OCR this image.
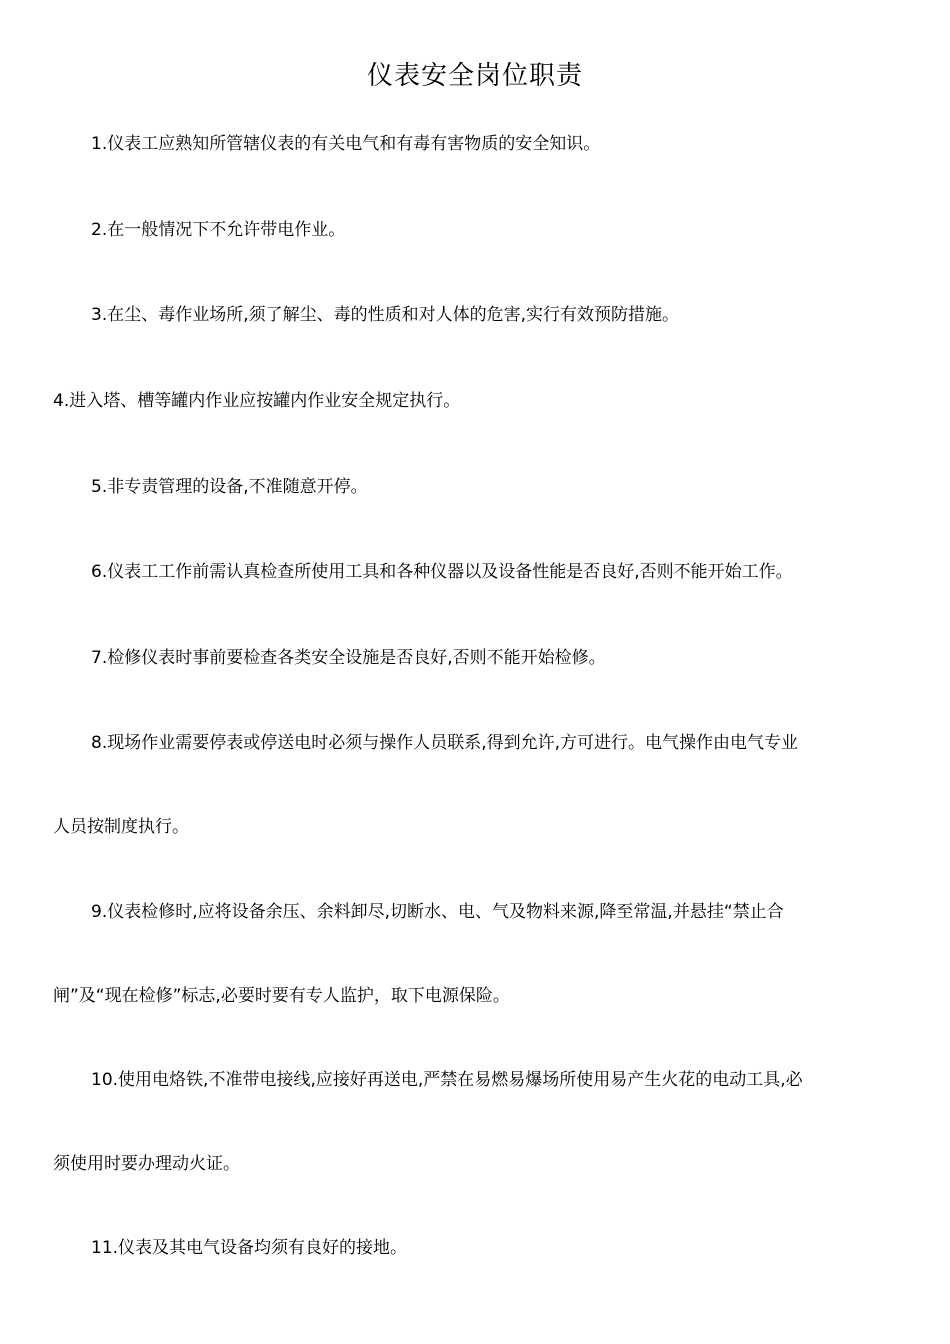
仪表安全岗位职责

1.仪表工应熟知所管辖仪表的有关电气和有毒有害物质的安全知识。

2.在一般情况下不允许带电作业。

3.在尘、毒作业场所,须了解尘、毒的性质和对人体的危害,实行有效预防措施。

4.进入塔、槽等罐内作业应按罐内作业安全规定执行。

5.非专责管理的设备,不准随意开停。

6.仪表工工作前需认真检查所使用工具和各种仪器以及设备性能是否良好,否则不能开始工作。

7.检修仪表时事前要检查各类安全设施是否良好,否则不能开始检修。

8.现场作业需要停表或停送电时必须与操作人员联系,得到允许,方可进行。电气操作由电气专业
人员按制度执行。

9.仪表检修时,应将设备余压、余料卸尽,切断水、电、气及物料来源,降至常温,并悬挂“禁止合
闸”及“现在检修”标志,必要时要有专人监护，取下电源保险。

10.使用电烙铁,不准带电接线,应接好再送电,严禁在易燃易爆场所使用易产生火花的电动工具,必
须使用时要办理动火证。

11.仪表及其电气设备均须有良好的接地。
